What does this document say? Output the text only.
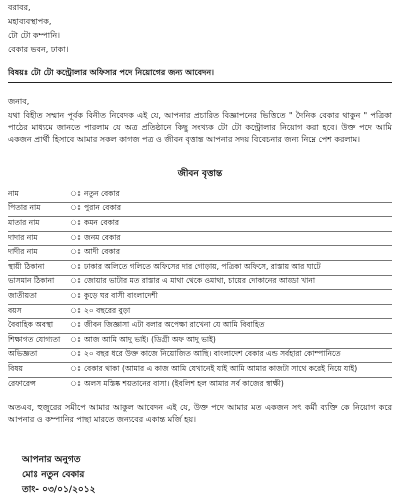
বরাবর,
মহাব্যবস্থাপক,
টো টো কম্পানি।
বেকার ভবন, ঢাকা।
বিষয়ঃ টো টো কন্ট্রোলার অফিসার পদে নিয়োগের জন্য আবেদন।
জনাব,
যথা বিহীত সম্মান পূর্বক বিনীত নিবেদক এই যে, আপনার প্রচারিত বিজ্ঞাপনের ভিত্তিতে " দৈনিক বেকার থাকুন " পত্রিকা পাঠের মাধ্যমে জানতে পারলাম যে অত্র প্রতিষ্ঠানে কিছু সংখ্যক টো টো কন্ট্রোলার নিয়োগ করা হবে। উক্ত পদে আমি একজন প্রার্থী হিসাবে আমার সকল কাগজ পত্র ও জীবন বৃত্তান্ত আপনার সদয় বিবেচনার জন্য নিম্নে পেশ করলাম।
জীবন বৃত্তান্ত
নাম	ঃ নতুন বেকার
পিতার নাম	ঃ পুরান বেকার
মাতার নাম	ঃ কমন বেকার
দাদার নাম	ঃ জনম বেকার
দাদীর নাম	ঃ আদী বেকার
স্থায়ী ঠিকানা	ঃ ঢাকার অলিতে গলিতে অফিসের দার গোড়ায়, পত্রিকা অফিসে, রাস্তায় আর ঘাটে
ভাসমান ঠিকানা	ঃ জোয়ার ভাটার মত রাস্তার এ মাথা থেকে ওমাথা, চায়ের দোকানের আড্ডা খানা
জাতীয়তা	ঃ কুড়ে ঘর বাসী বাংলাদেশী
বয়স	ঃ ২০ বছরের বুড়া
বৈবাহিক অবস্থা	ঃ জীবন জিজ্ঞাসা এটা বলার অপেক্ষা রাখেনা যে আমি বিবাহিত
শিক্ষাগত যোগ্যতা	ঃ আজ আমি আদু ভাই। (ডিগ্রী অফ আদু ভাই)
অভিজ্ঞতা	ঃ ২০ বছর ধরে উক্ত কাজে নিয়োজিত আছি। বাংলাদেশ বেকার এন্ড সর্বহারা কোম্পানিতে
বিষয়	ঃ বেকার থাকা (আমার এ কাজ আমি যেখানেই যাই আমি আমার কাজটা সাথে করেই নিয়ে যাই)
রেফারেন্স	ঃ অলস মস্তিষ্ক শয়তানের বাসা। (ইবলিশ হল আমার সর্ব কাজের স্বাক্ষী)
অতএব, হুজুরের সমীপে আমার আকুল আবেদন এই যে, উক্ত পদে আমার মত একজন সৎ কর্মী ব্যক্তি কে নিয়োগ করে আপনার ও কম্পানির পাছা মারতে জন্যবের একান্ত মর্জি হয়।
আপনার অনুগত
মোঃ নতুন বেকার
তাং- ০৩/০১/২০১২
